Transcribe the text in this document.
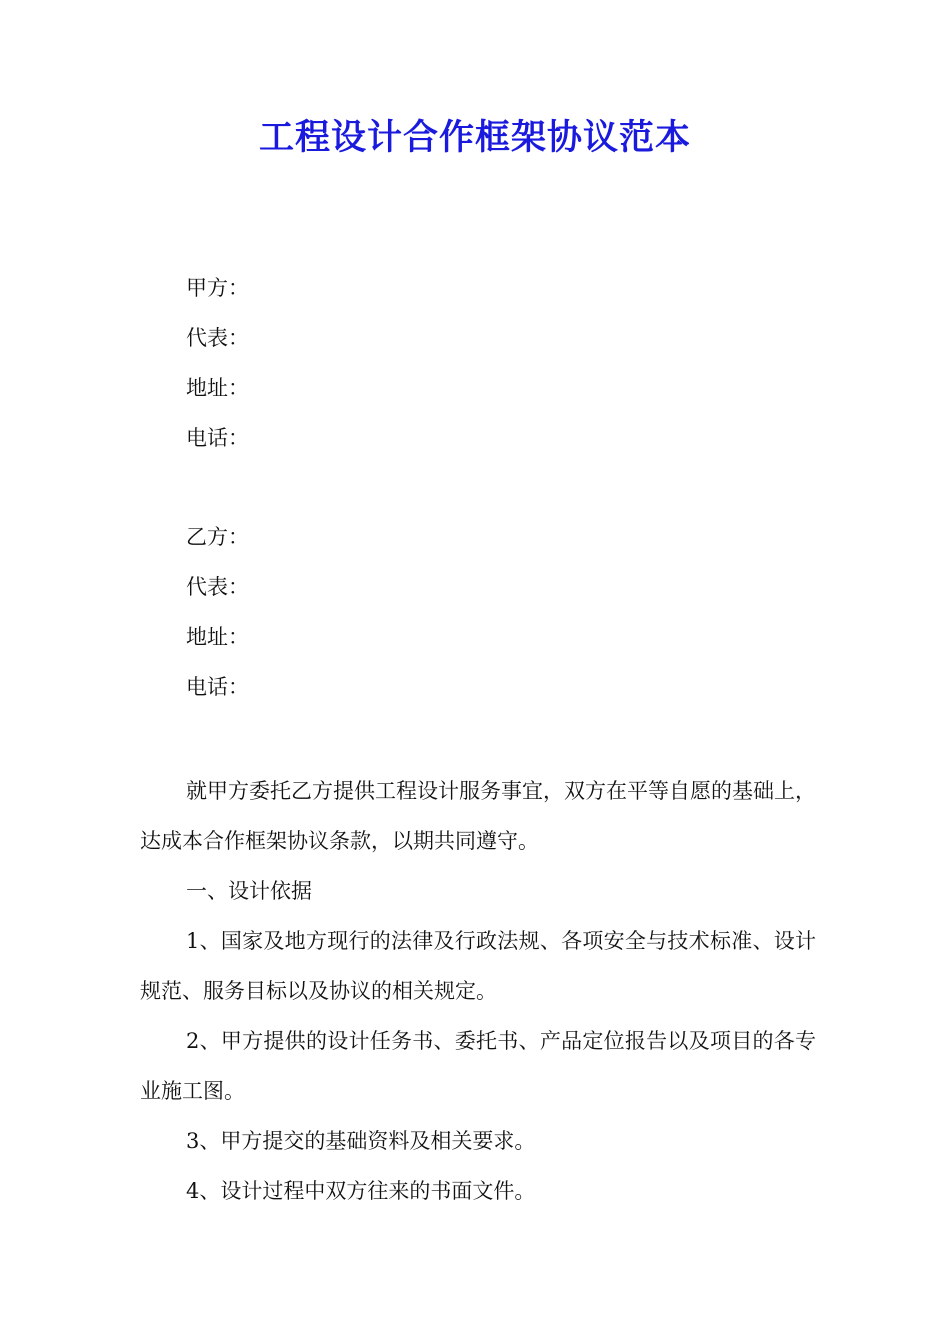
工程设计合作框架协议范本

甲方：

代表：

地址：

电话：

乙方：

代表：

地址：

电话：

就甲方委托乙方提供工程设计服务事宜，双方在平等自愿的基础上，达成本合作框架协议条款，以期共同遵守。

一、设计依据

1、国家及地方现行的法律及行政法规、各项安全与技术标准、设计规范、服务目标以及协议的相关规定。

2、甲方提供的设计任务书、委托书、产品定位报告以及项目的各专业施工图。

3、甲方提交的基础资料及相关要求。

4、设计过程中双方往来的书面文件。
